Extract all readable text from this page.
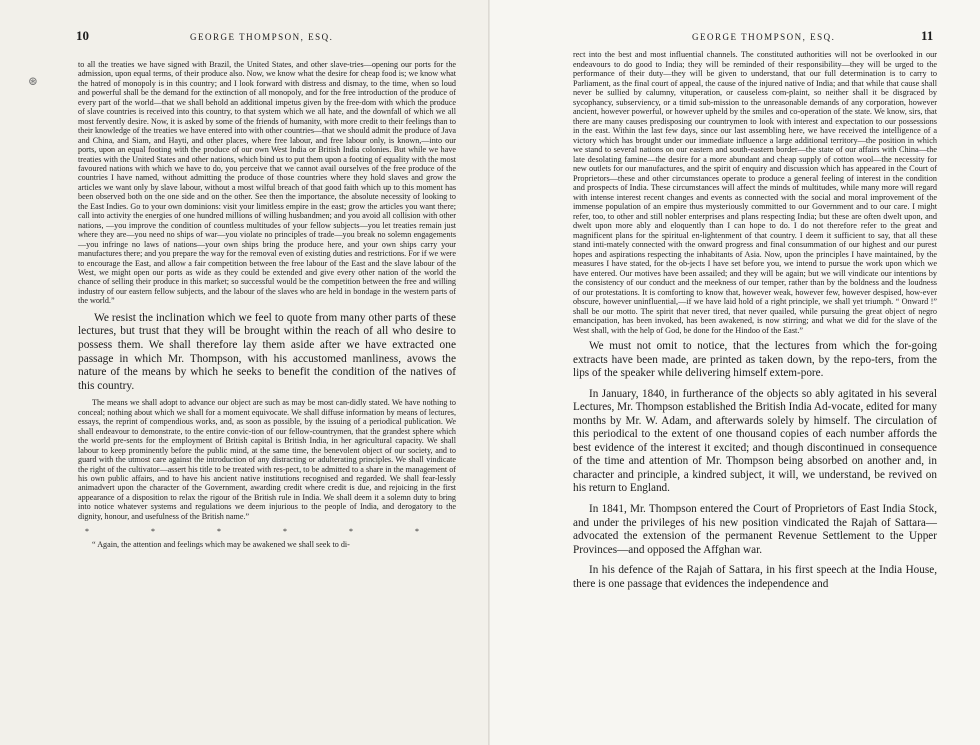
⊛
10	GEORGE THOMPSON, ESQ.

to all the treaties we have signed with Brazil, the United States, and other slave-tries—opening our ports for the admission, upon equal terms, of their produce also. Now, we know what the desire for cheap food is; we know what the hatred of monopoly is in this country; and I look forward with distress and dismay, to the time, when so loud and powerful shall be the demand for the extinction of all monopoly, and for the free introduction of the produce of every part of the world—that we shall behold an additional impetus given by the free-dom with which the produce of slave countries is received into this country, to that system which we all hate, and the downfall of which we all most fervently desire. Now, it is asked by some of the friends of humanity, with more credit to their feelings than to their knowledge of the treaties we have entered into with other countries—that we should admit the produce of Java and China, and Siam, and Hayti, and other places, where free labour, and free labour only, is known,—into our ports, upon an equal footing with the produce of our own West India or British India colonies. But while we have treaties with the United States and other nations, which bind us to put them upon a footing of equality with the most favoured nations with which we have to do, you perceive that we cannot avail ourselves of the free produce of the countries I have named, without admitting the produce of those countries where they hold slaves and grow the articles we want only by slave labour, without a most wilful breach of that good faith which up to this moment has been observed both on the one side and on the other. See then the importance, the absolute necessity of looking to the East Indies. Go to your own dominions: visit your limitless empire in the east; grow the articles you want there; call into activity the energies of one hundred millions of willing husbandmen; and you avoid all collision with other nations, —you improve the condition of countless multitudes of your fellow subjects—you let treaties remain just where they are—you need no ships of war—you violate no principles of trade—you break no solemn engagements—you infringe no laws of nations—your own ships bring the produce here, and your own ships carry your manufactures there; and you prepare the way for the removal even of existing duties and restrictions. For if we were to encourage the East, and allow a fair competition between the free labour of the East and the slave labour of the West, we might open our ports as wide as they could be extended and give every other nation of the world the chance of selling their produce in this market; so successful would be the competition between the free and willing industry of our eastern fellow subjects, and the labour of the slaves who are held in bondage in the western parts of the world.”

We resist the inclination which we feel to quote from many other parts of these lectures, but trust that they will be brought within the reach of all who desire to possess them. We shall therefore lay them aside after we have extracted one passage in which Mr. Thompson, with his accustomed manliness, avows the nature of the means by which he seeks to benefit the condition of the natives of this country.

The means we shall adopt to advance our object are such as may be most can-didly stated. We have nothing to conceal; nothing about which we shall for a moment equivocate. We shall diffuse information by means of lectures, essays, the reprint of compendious works, and, as soon as possible, by the issuing of a periodical publication. We shall endeavour to demonstrate, to the entire convic-tion of our fellow-countrymen, that the grandest sphere which the world pre-sents for the employment of British capital is British India, in her agricultural capacity. We shall labour to keep prominently before the public mind, at the same time, the benevolent object of our society, and to guard with the utmost care against the introduction of any distracting or adulterating principles. We shall vindicate the right of the cultivator—assert his title to be treated with res-pect, to be admitted to a share in the management of his own public affairs, and to have his ancient native institutions recognised and regarded. We shall fear-lessly animadvert upon the character of the Government, awarding credit where credit is due, and rejoicing in the first appearance of a disposition to relax the rigour of the British rule in India. We shall deem it a solemn duty to bring into notice whatever systems and regulations we deem injurious to the people of India, and derogatory to the dignity, honour, and usefulness of the British name.”

* * * * * *

“ Again, the attention and feelings which may be awakened we shall seek to di-

GEORGE THOMPSON, ESQ.	11

rect into the best and most influential channels. The constituted authorities will not be overlooked in our endeavours to do good to India; they will be reminded of their responsibility—they will be urged to the performance of their duty—they will be given to understand, that our full determination is to carry to Parliament, as the final court of appeal, the cause of the injured native of India; and that while that cause shall never be sullied by calumny, vituperation, or causeless com-plaint, so neither shall it be disgraced by sycophancy, subserviency, or a timid sub-mission to the unreasonable demands of any corporation, however ancient, however powerful, or however upheld by the smiles and co-operation of the state. We know, sirs, that there are many causes predisposing our countrymen to look with interest and expectation to our possessions in the east. Within the last few days, since our last assembling here, we have received the intelligence of a victory which has brought under our immediate influence a large additional territory—the position in which we stand to several nations on our eastern and south-eastern border—the state of our affairs with China—the late desolating famine—the desire for a more abundant and cheap supply of cotton wool—the necessity for new outlets for our manufactures, and the spirit of enquiry and discussion which has appeared in the Court of Proprietors—these and other circumstances operate to produce a general feeling of interest in the condition and prospects of India. These circumstances will affect the minds of multitudes, while many more will regard with intense interest recent changes and events as connected with the social and moral improvement of the immense population of an empire thus mysteriously committed to our Government and to our care. I might refer, too, to other and still nobler enterprises and plans respecting India; but these are often dwelt upon, and dwelt upon more ably and eloquently than I can hope to do. I do not therefore refer to the great and magnificent plans for the spiritual en-lightenment of that country. I deem it sufficient to say, that all these stand inti-mately connected with the onward progress and final consummation of our highest and our purest hopes and aspirations respecting the inhabitants of Asia. Now, upon the principles I have maintained, by the measures I have stated, for the ob-jects I have set before you, we intend to pursue the work upon which we have entered. Our motives have been assailed; and they will be again; but we will vindicate our intentions by the consistency of our conduct and the meekness of our temper, rather than by the boldness and the loudness of our protestations. It is comforting to know that, however weak, however few, however despised, how-ever obscure, however uninfluential,—if we have laid hold of a right principle, we shall yet triumph. “ Onward !” shall be our motto. The spirit that never tired, that never quailed, while pursuing the great object of negro emancipation, has been invoked, has been awakened, is now stirring; and what we did for the slave of the West shall, with the help of God, be done for the Hindoo of the East.”

We must not omit to notice, that the lectures from which the for-going extracts have been made, are printed as taken down, by the repo-ters, from the lips of the speaker while delivering himself extem-pore.

In January, 1840, in furtherance of the objects so ably agitated in his several Lectures, Mr. Thompson established the British India Ad-vocate, edited for many months by Mr. W. Adam, and afterwards solely by himself. The circulation of this periodical to the extent of one thousand copies of each number affords the best evidence of the interest it excited; and though discontinued in consequence of the time and attention of Mr. Thompson being absorbed on another and, in character and principle, a kindred subject, it will, we understand, be revived on his return to England.

In 1841, Mr. Thompson entered the Court of Proprietors of East India Stock, and under the privileges of his new position vindicated the Rajah of Sattara—advocated the extension of the permanent Revenue Settlement to the Upper Provinces—and opposed the Affghan war.

In his defence of the Rajah of Sattara, in his first speech at the India House, there is one passage that evidences the independence and
